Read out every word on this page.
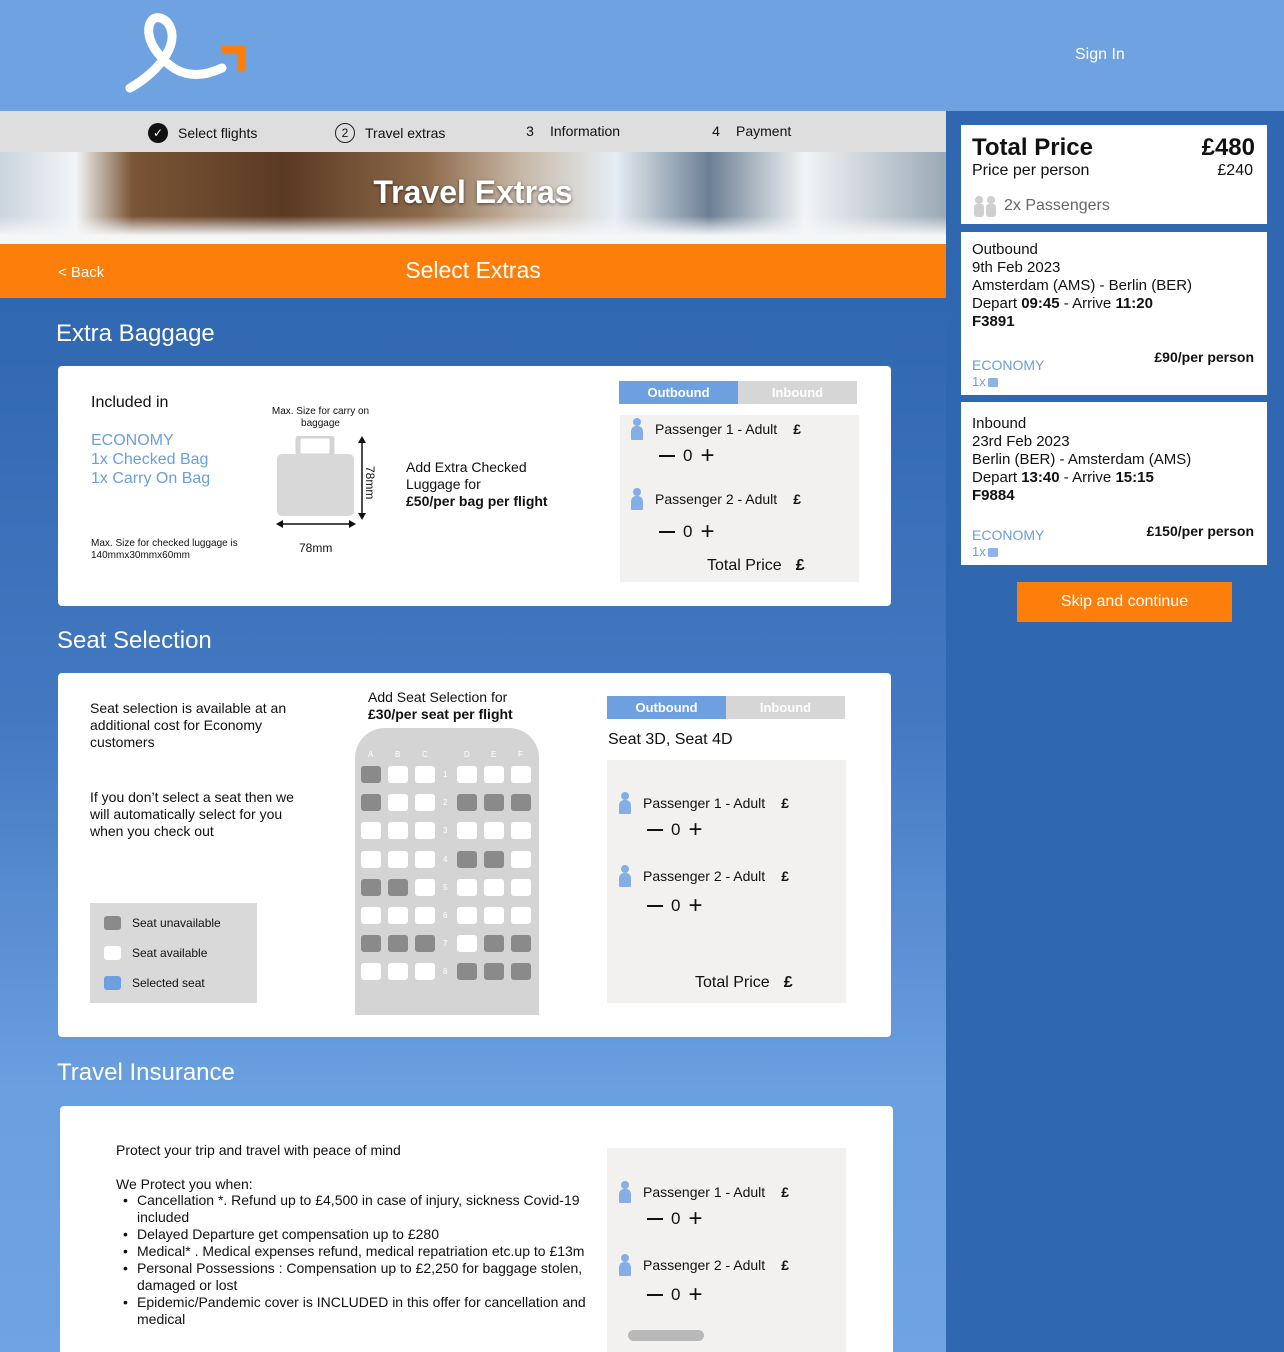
Sign In
✓	Select flights	2	Travel extras	3	Information	4	Payment
Travel Extras
< Back	Select Extras
Extra Baggage
Included in
ECONOMY
1x Checked Bag
1x Carry On Bag
Max. Size for checked luggage is 140mmx30mmx60mm
Max. Size for carry on baggage
78mm
78mm
Add Extra Checked Luggage for
£50/per bag per flight
Outbound	Inbound
Passenger 1 - Adult £
0 +
Passenger 2 - Adult £
0 +
Total Price £
Seat Selection
Seat selection is available at an additional cost for Economy customers
If you don’t select a seat then we will automatically select for you when you check out
Seat unavailable
Seat available
Selected seat
Add Seat Selection for
£30/per seat per flight
A	B	C	D	E	F
1
2
3
4
5
6
7
8
Outbound	Inbound
Seat 3D, Seat 4D
Passenger 1 - Adult £
0 +
Passenger 2 - Adult £
0 +
Total Price £
Travel Insurance
Protect your trip and travel with peace of mind
We Protect you when:
• Cancellation *. Refund up to £4,500 in case of injury, sickness Covid-19 included
• Delayed Departure get compensation up to £280
• Medical* . Medical expenses refund, medical repatriation etc.up to £13m
• Personal Possessions : Compensation up to £2,250 for baggage stolen, damaged or lost
• Epidemic/Pandemic cover is INCLUDED in this offer for cancellation and medical
Passenger 1 - Adult £
0 +
Passenger 2 - Adult £
0 +
Total Price	£480
Price per person	£240
2x Passengers
Outbound
9th Feb 2023
Amsterdam (AMS) - Berlin (BER)
Depart 09:45 - Arrive 11:20
F3891
ECONOMY
1x
£90/per person
Inbound
23rd Feb 2023
Berlin (BER) - Amsterdam (AMS)
Depart 13:40 - Arrive 15:15
F9884
ECONOMY
1x
£150/per person
Skip and continue
